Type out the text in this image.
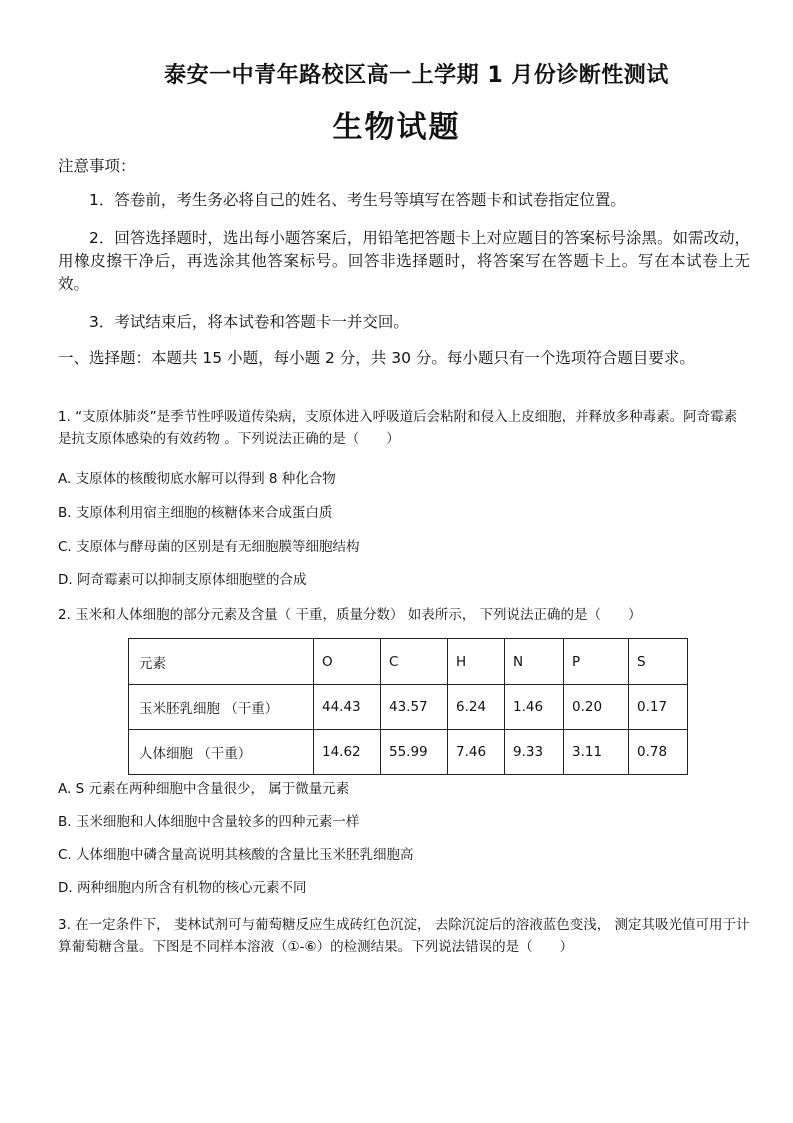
泰安一中青年路校区高一上学期 1 月份诊断性测试
生物试题
注意事项：
1．答卷前，考生务必将自己的姓名、考生号等填写在答题卡和试卷指定位置。
2．回答选择题时，选出每小题答案后，用铅笔把答题卡上对应题目的答案标号涂黑。如需改动，用橡皮擦干净后，再选涂其他答案标号。回答非选择题时，将答案写在答题卡上。写在本试卷上无效。
3．考试结束后，将本试卷和答题卡一并交回。
一、选择题：本题共 15 小题，每小题 2 分，共 30 分。每小题只有一个选项符合题目要求。
1. “支原体肺炎”是季节性呼吸道传染病，支原体进入呼吸道后会粘附和侵入上皮细胞，并释放多种毒素。阿奇霉素是抗支原体感染的有效药物 。下列说法正确的是（　　）
A. 支原体的核酸彻底水解可以得到 8 种化合物
B. 支原体利用宿主细胞的核糖体来合成蛋白质
C. 支原体与酵母菌的区别是有无细胞膜等细胞结构
D. 阿奇霉素可以抑制支原体细胞壁的合成
2. 玉米和人体细胞的部分元素及含量（ 干重，质量分数） 如表所示， 下列说法正确的是（　　）
元素	O	C	H	N	P	S
玉米胚乳细胞 （干重）	44.43	43.57	6.24	1.46	0.20	0.17
人体细胞 （干重）	14.62	55.99	7.46	9.33	3.11	0.78
A. S 元素在两种细胞中含量很少， 属于微量元素
B. 玉米细胞和人体细胞中含量较多的四种元素一样
C. 人体细胞中磷含量高说明其核酸的含量比玉米胚乳细胞高
D. 两种细胞内所含有机物的核心元素不同
3. 在一定条件下， 斐林试剂可与葡萄糖反应生成砖红色沉淀， 去除沉淀后的溶液蓝色变浅， 测定其吸光值可用于计算葡萄糖含量。下图是不同样本溶液（①-⑥）的检测结果。下列说法错误的是（　　）
